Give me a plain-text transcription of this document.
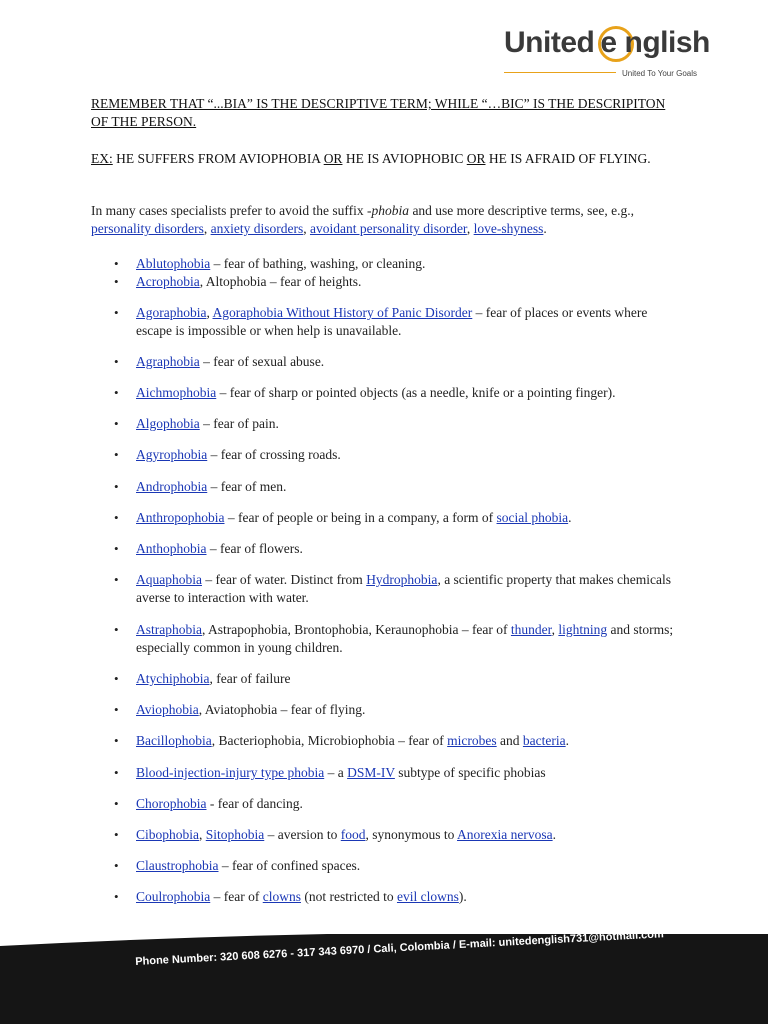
United e nglish
United To Your Goals
REMEMBER THAT “...BIA” IS THE DESCRIPTIVE TERM; WHILE “…BIC” IS THE DESCRIPITON OF THE PERSON.
EX: HE SUFFERS FROM AVIOPHOBIA OR HE IS AVIOPHOBIC OR HE IS AFRAID OF FLYING.
In many cases specialists prefer to avoid the suffix -phobia and use more descriptive terms, see, e.g., personality disorders, anxiety disorders, avoidant personality disorder, love-shyness.
• Ablutophobia – fear of bathing, washing, or cleaning.
• Acrophobia, Altophobia – fear of heights.
• Agoraphobia, Agoraphobia Without History of Panic Disorder – fear of places or events where escape is impossible or when help is unavailable.
• Agraphobia – fear of sexual abuse.
• Aichmophobia – fear of sharp or pointed objects (as a needle, knife or a pointing finger).
• Algophobia – fear of pain.
• Agyrophobia – fear of crossing roads.
• Androphobia – fear of men.
• Anthropophobia – fear of people or being in a company, a form of social phobia.
• Anthophobia – fear of flowers.
• Aquaphobia – fear of water. Distinct from Hydrophobia, a scientific property that makes chemicals averse to interaction with water.
• Astraphobia, Astrapophobia, Brontophobia, Keraunophobia – fear of thunder, lightning and storms; especially common in young children.
• Atychiphobia, fear of failure
• Aviophobia, Aviatophobia – fear of flying.
• Bacillophobia, Bacteriophobia, Microbiophobia – fear of microbes and bacteria.
• Blood-injection-injury type phobia – a DSM-IV subtype of specific phobias
• Chorophobia - fear of dancing.
• Cibophobia, Sitophobia – aversion to food, synonymous to Anorexia nervosa.
• Claustrophobia – fear of confined spaces.
• Coulrophobia – fear of clowns (not restricted to evil clowns).
Phone Number: 320 608 6276 - 317 343 6970 / Cali, Colombia / E-mail: unitedenglish731@hotmail.com
